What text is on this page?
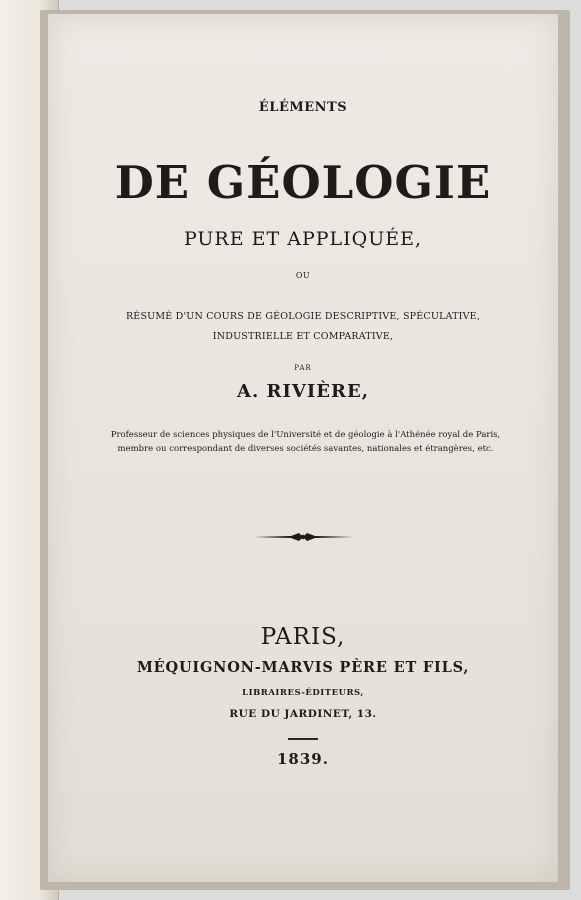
ÉLÉMENTS
DE GÉOLOGIE
PURE ET APPLIQUÉE,
OU
RÉSUMÉ D'UN COURS DE GÉOLOGIE DESCRIPTIVE, SPÉCULATIVE,
INDUSTRIELLE ET COMPARATIVE,
PAR
A. RIVIÈRE,
Professeur de sciences physiques de l'Université et de géologie à l'Athénée royal de Paris, membre ou correspondant de diverses sociétés savantes, nationales et étrangères, etc.
PARIS,
MÉQUIGNON-MARVIS PÈRE ET FILS,
LIBRAIRES-ÉDITEURS,
RUE DU JARDINET, 13.
1839.
